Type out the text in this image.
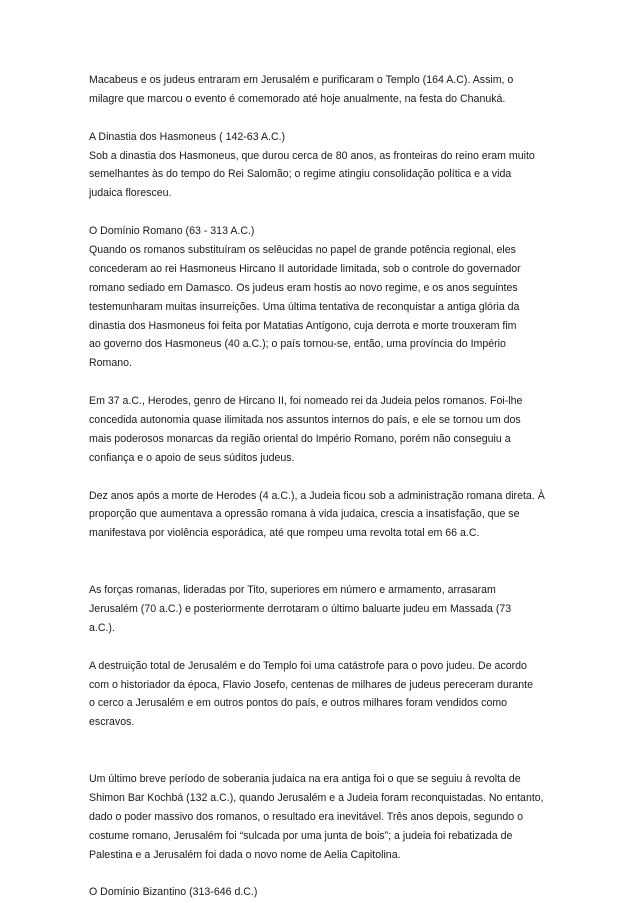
Macabeus e os judeus entraram em Jerusalém e purificaram o Templo (164 A.C). Assim, o
milagre que marcou o evento é comemorado até hoje anualmente, na festa do Chanuká.

A Dinastia dos Hasmoneus ( 142-63 A.C.)
Sob a dinastia dos Hasmoneus, que durou cerca de 80 anos, as fronteiras do reino eram muito
semelhantes às do tempo do Rei Salomão; o regime atingiu consolidação política e a vida
judaica floresceu.

O Domínio Romano (63 - 313 A.C.)
Quando os romanos substituíram os selêucidas no papel de grande potência regional, eles
concederam ao rei Hasmoneus Hircano II autoridade limitada, sob o controle do governador
romano sediado em Damasco. Os judeus eram hostis ao novo regime, e os anos seguintes
testemunharam muitas insurreições. Uma última tentativa de reconquistar a antiga glória da
dinastia dos Hasmoneus foi feita por Matatias Antígono, cuja derrota e morte trouxeram fim
ao governo dos Hasmoneus (40 a.C.); o país tornou-se, então, uma província do Império
Romano.

Em 37 a.C., Herodes, genro de Hircano II, foi nomeado rei da Judeia pelos romanos. Foi-lhe
concedida autonomia quase ilimitada nos assuntos internos do país, e ele se tornou um dos
mais poderosos monarcas da região oriental do Império Romano, porém não conseguiu a
confiança e o apoio de seus súditos judeus.

Dez anos após a morte de Herodes (4 a.C.), a Judeia ficou sob a administração romana direta. À
proporção que aumentava a opressão romana à vida judaica, crescia a insatisfação, que se
manifestava por violência esporádica, até que rompeu uma revolta total em 66 a.C.

As forças romanas, lideradas por Tito, superiores em número e armamento, arrasaram
Jerusalém (70 a.C.) e posteriormente derrotaram o último baluarte judeu em Massada (73
a.C.).

A destruição total de Jerusalém e do Templo foi uma catástrofe para o povo judeu. De acordo
com o historiador da época, Flavio Josefo, centenas de milhares de judeus pereceram durante
o cerco a Jerusalém e em outros pontos do país, e outros milhares foram vendidos como
escravos.

Um último breve período de soberania judaica na era antiga foi o que se seguiu à revolta de
Shimon Bar Kochbá (132 a.C.), quando Jerusalém e a Judeia foram reconquistadas. No entanto,
dado o poder massivo dos romanos, o resultado era inevitável. Três anos depois, segundo o
costume romano, Jerusalém foi “sulcada por uma junta de bois”; a judeia foi rebatizada de
Palestina e a Jerusalém foi dada o novo nome de Aelia Capitolina.

O Domínio Bizantino (313-646 d.C.)
